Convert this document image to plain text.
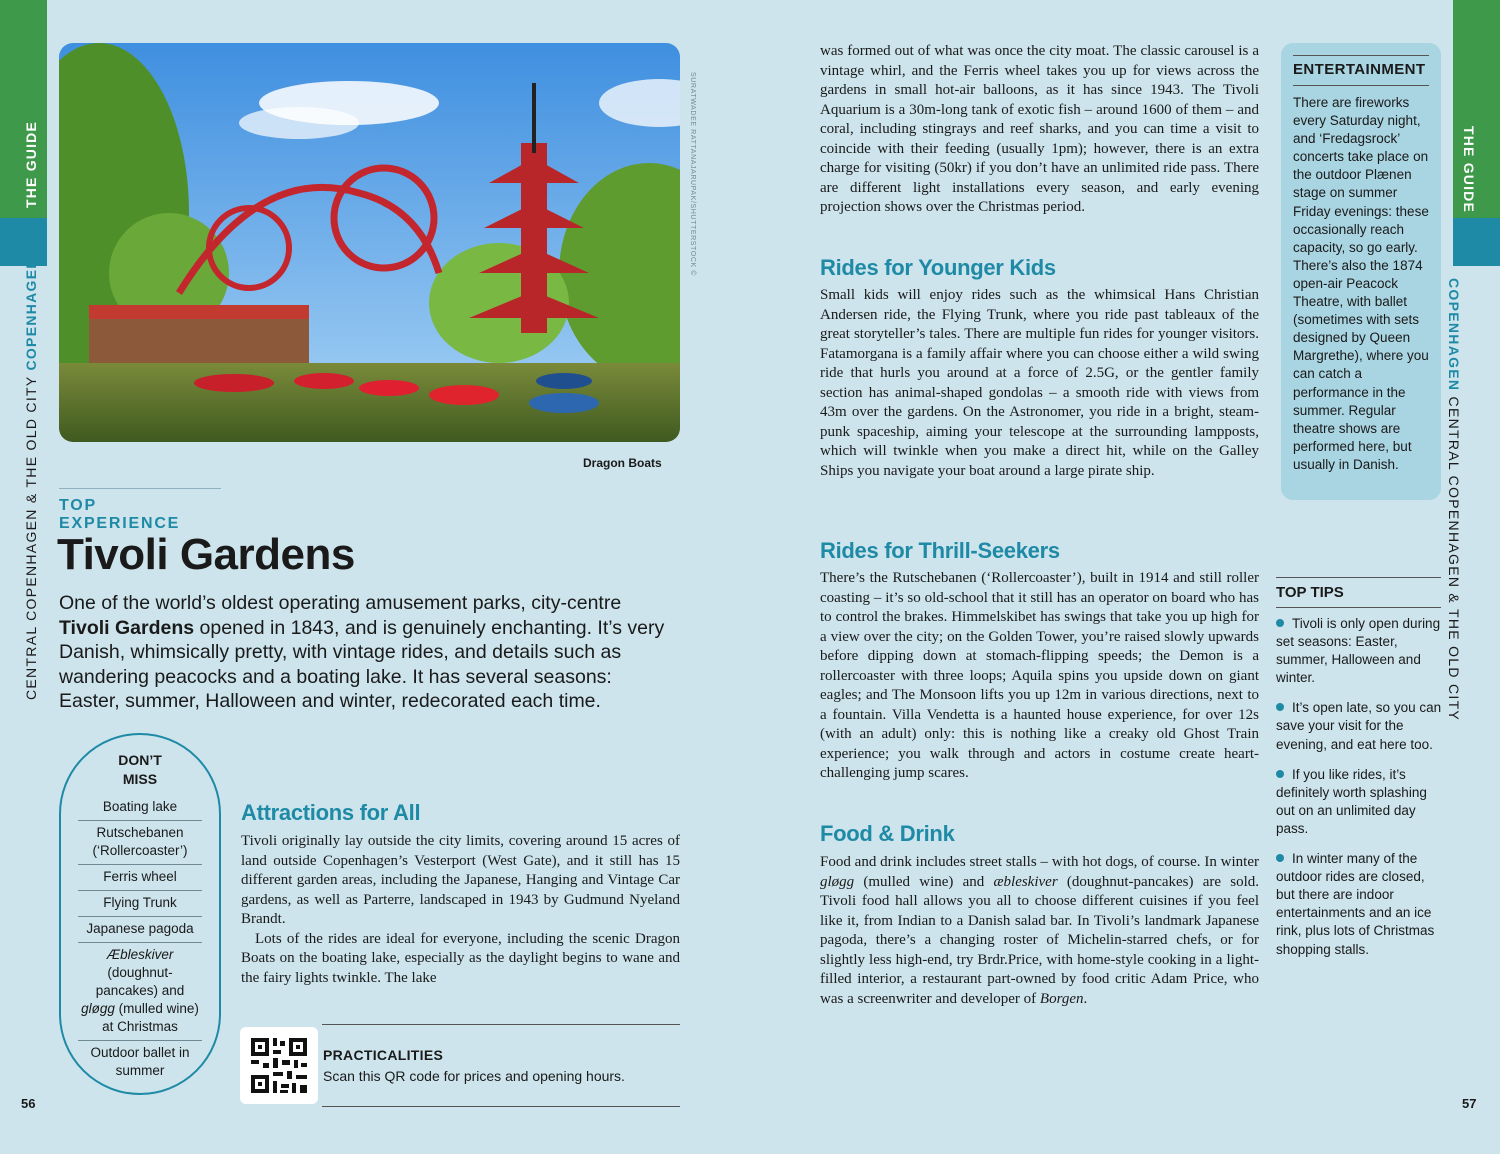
THE GUIDE	THE GUIDE
CENTRAL COPENHAGEN & THE OLD CITY COPENHAGEN	COPENHAGEN CENTRAL COPENHAGEN & THE OLD CITY
56	57
SURATWADEE RATTANAJARUPAK/SHUTTERSTOCK ©
Dragon Boats
TOP EXPERIENCE
Tivoli Gardens

One of the world’s oldest operating amusement parks, city-centre Tivoli Gardens opened in 1843, and is genuinely enchanting. It’s very Danish, whimsically pretty, with vintage rides, and details such as wandering peacocks and a boating lake. It has several seasons: Easter, summer, Halloween and winter, redecorated each time.

DON’T MISS
Boating lake
Rutschebanen (‘Rollercoaster’)
Ferris wheel
Flying Trunk
Japanese pagoda
Æbleskiver (doughnut-pancakes) and gløgg (mulled wine) at Christmas
Outdoor ballet in summer
Attractions for All

Tivoli originally lay outside the city limits, covering around 15 acres of land outside Copenhagen’s Vesterport (West Gate), and it still has 15 different garden areas, including the Japanese, Hanging and Vintage Car gardens, as well as Parterre, landscaped in 1943 by Gudmund Nyeland Brandt.

Lots of the rides are ideal for everyone, including the scenic Dragon Boats on the boating lake, especially as the daylight begins to wane and the fairy lights twinkle. The lake

PRACTICALITIES
Scan this QR code for prices and opening hours.
was formed out of what was once the city moat. The classic carousel is a vintage whirl, and the Ferris wheel takes you up for views across the gardens in small hot-air balloons, as it has since 1943. The Tivoli Aquarium is a 30m-long tank of exotic fish – around 1600 of them – and coral, including stingrays and reef sharks, and you can time a visit to coincide with their feeding (usually 1pm); however, there is an extra charge for visiting (50kr) if you don’t have an unlimited ride pass. There are different light installations every season, and early evening projection shows over the Christmas period.
Rides for Younger Kids
Small kids will enjoy rides such as the whimsical Hans Christian Andersen ride, the Flying Trunk, where you ride past tableaux of the great storyteller’s tales. There are multiple fun rides for younger visitors. Fatamorgana is a family affair where you can choose either a wild swing ride that hurls you around at a force of 2.5G, or the gentler family section has animal-shaped gondolas – a smooth ride with views from 43m over the gardens. On the Astronomer, you ride in a bright, steam-punk spaceship, aiming your telescope at the surrounding lampposts, which will twinkle when you make a direct hit, while on the Galley Ships you navigate your boat around a large pirate ship.
Rides for Thrill-Seekers
There’s the Rutschebanen (‘Rollercoaster’), built in 1914 and still roller coasting – it’s so old-school that it still has an operator on board who has to control the brakes. Himmelskibet has swings that take you up high for a view over the city; on the Golden Tower, you’re raised slowly upwards before dipping down at stomach-flipping speeds; the Demon is a rollercoaster with three loops; Aquila spins you upside down on giant eagles; and The Monsoon lifts you up 12m in various directions, next to a fountain. Villa Vendetta is a haunted house experience, for over 12s (with an adult) only: this is nothing like a creaky old Ghost Train experience; you walk through and actors in costume create heart-challenging jump scares.
Food & Drink
Food and drink includes street stalls – with hot dogs, of course. In winter gløgg (mulled wine) and æbleskiver (doughnut-pancakes) are sold. Tivoli food hall allows you all to choose different cuisines if you feel like it, from Indian to a Danish salad bar. In Tivoli’s landmark Japanese pagoda, there’s a changing roster of Michelin-starred chefs, or for slightly less high-end, try Brdr.Price, with home-style cooking in a light-filled interior, a restaurant part-owned by food critic Adam Price, who was a screenwriter and developer of Borgen.
ENTERTAINMENT
There are fireworks every Saturday night, and ‘Fredagsrock’ concerts take place on the outdoor Plænen stage on summer Friday evenings: these occasionally reach capacity, so go early. There’s also the 1874 open-air Peacock Theatre, with ballet (sometimes with sets designed by Queen Margrethe), where you can catch a performance in the summer. Regular theatre shows are performed here, but usually in Danish.
TOP TIPS
Tivoli is only open during set seasons: Easter, summer, Halloween and winter.
It’s open late, so you can save your visit for the evening, and eat here too.
If you like rides, it’s definitely worth splashing out on an unlimited day pass.
In winter many of the outdoor rides are closed, but there are indoor entertainments and an ice rink, plus lots of Christmas shopping stalls.
